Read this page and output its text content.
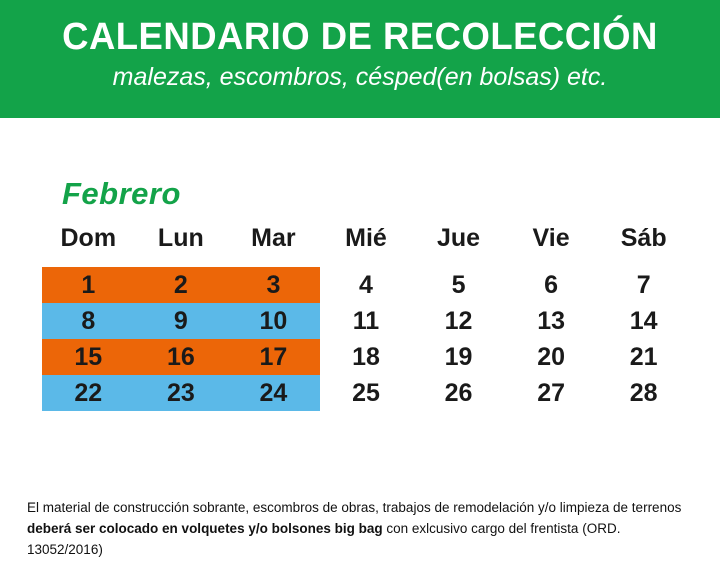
CALENDARIO DE RECOLECCIÓN
malezas, escombros, césped(en bolsas) etc.
Febrero
Dom	Lun	Mar	Mié	Jue	Vie	Sáb
1	2	3	4	5	6	7
8	9	10	11	12	13	14
15	16	17	18	19	20	21
22	23	24	25	26	27	28
El material de construcción sobrante, escombros de obras, trabajos de remodelación y/o limpieza de terrenos
deberá ser colocado en volquetes y/o bolsones big bag con exlcusivo cargo del frentista (ORD. 13052/2016)
